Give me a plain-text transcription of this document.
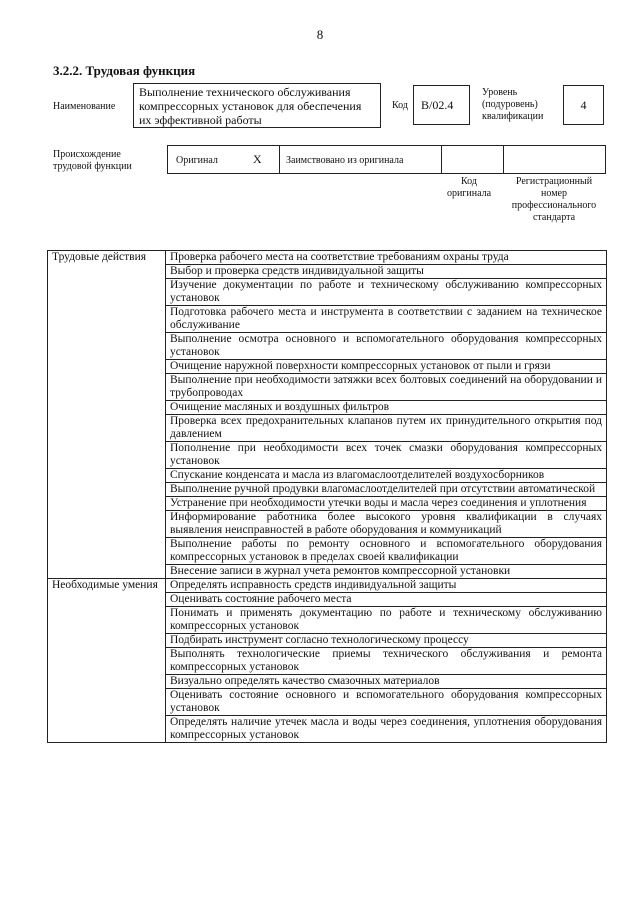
8
3.2.2. Трудовая функция
Наименование
Выполнение технического обслуживания компрессорных установок для обеспечения их эффективной работы
Код	B/02.4
Уровень (подуровень) квалификации
4
Происхождение трудовой функции
Оригинал	X Заимствовано из оригинала
Код оригинала
Регистрационный номер профессионального стандарта
Трудовые действия	Проверка рабочего места на соответствие требованиям охраны труда
	Выбор и проверка средств индивидуальной защиты
	Изучение документации по работе и техническому обслуживанию компрессорных установок
	Подготовка рабочего места и инструмента в соответствии с заданием на техническое обслуживание
	Выполнение осмотра основного и вспомогательного оборудования компрессорных установок
	Очищение наружной поверхности компрессорных установок от пыли и грязи
	Выполнение при необходимости затяжки всех болтовых соединений на оборудовании и трубопроводах
	Очищение масляных и воздушных фильтров
	Проверка всех предохранительных клапанов путем их принудительного открытия под давлением
	Пополнение при необходимости всех точек смазки оборудования компрессорных установок
	Спускание конденсата и масла из влагомаслоотделителей воздухосборников
	Выполнение ручной продувки влагомаслоотделителей при отсутствии автоматической
	Устранение при необходимости утечки воды и масла через соединения и уплотнения
	Информирование работника более высокого уровня квалификации в случаях выявления неисправностей в работе оборудования и коммуникаций
	Выполнение работы по ремонту основного и вспомогательного оборудования компрессорных установок в пределах своей квалификации
	Внесение записи в журнал учета ремонтов компрессорной установки
Необходимые умения	Определять исправность средств индивидуальной защиты
	Оценивать состояние рабочего места
	Понимать и применять документацию по работе и техническому обслуживанию компрессорных установок
	Подбирать инструмент согласно технологическому процессу
	Выполнять технологические приемы технического обслуживания и ремонта компрессорных установок
	Визуально определять качество смазочных материалов
	Оценивать состояние основного и вспомогательного оборудования компрессорных установок
	Определять наличие утечек масла и воды через соединения, уплотнения оборудования компрессорных установок
